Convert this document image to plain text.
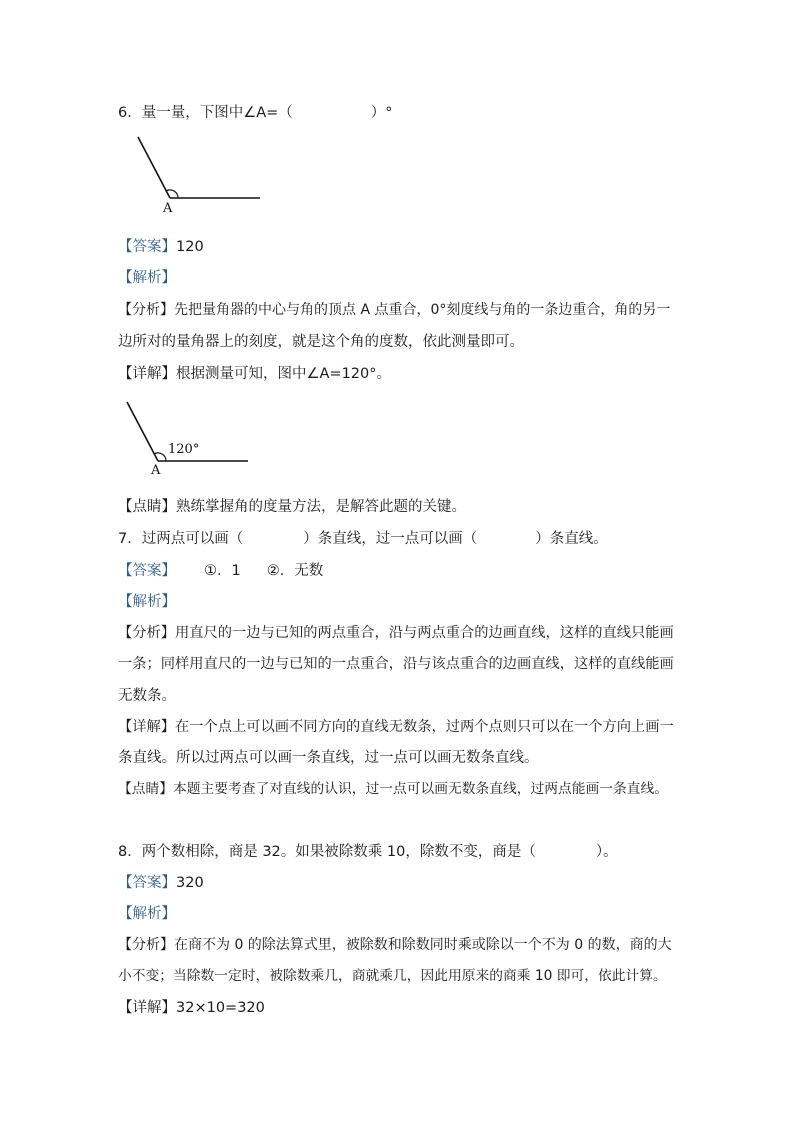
6．量一量，下图中∠A=（	）°
A
【答案】120
【解析】
【分析】先把量角器的中心与角的顶点 A 点重合，0°刻度线与角的一条边重合，角的另一
边所对的量角器上的刻度，就是这个角的度数，依此测量即可。
【详解】根据测量可知，图中∠A=120°。
120°
A
【点睛】熟练掌握角的度量方法，是解答此题的关键。
7．过两点可以画（	）条直线，过一点可以画（	）条直线。
【答案】 ①．1 ②．无数
【解析】
【分析】用直尺的一边与已知的两点重合，沿与两点重合的边画直线，这样的直线只能画
一条；同样用直尺的一边与已知的一点重合，沿与该点重合的边画直线，这样的直线能画
无数条。
【详解】在一个点上可以画不同方向的直线无数条，过两个点则只可以在一个方向上画一
条直线。所以过两点可以画一条直线，过一点可以画无数条直线。
【点睛】本题主要考查了对直线的认识，过一点可以画无数条直线，过两点能画一条直线。
8．两个数相除，商是 32。如果被除数乘 10，除数不变，商是（	）。
【答案】320
【解析】
【分析】在商不为 0 的除法算式里，被除数和除数同时乘或除以一个不为 0 的数，商的大
小不变；当除数一定时，被除数乘几，商就乘几，因此用原来的商乘 10 即可，依此计算。
【详解】32×10=320
